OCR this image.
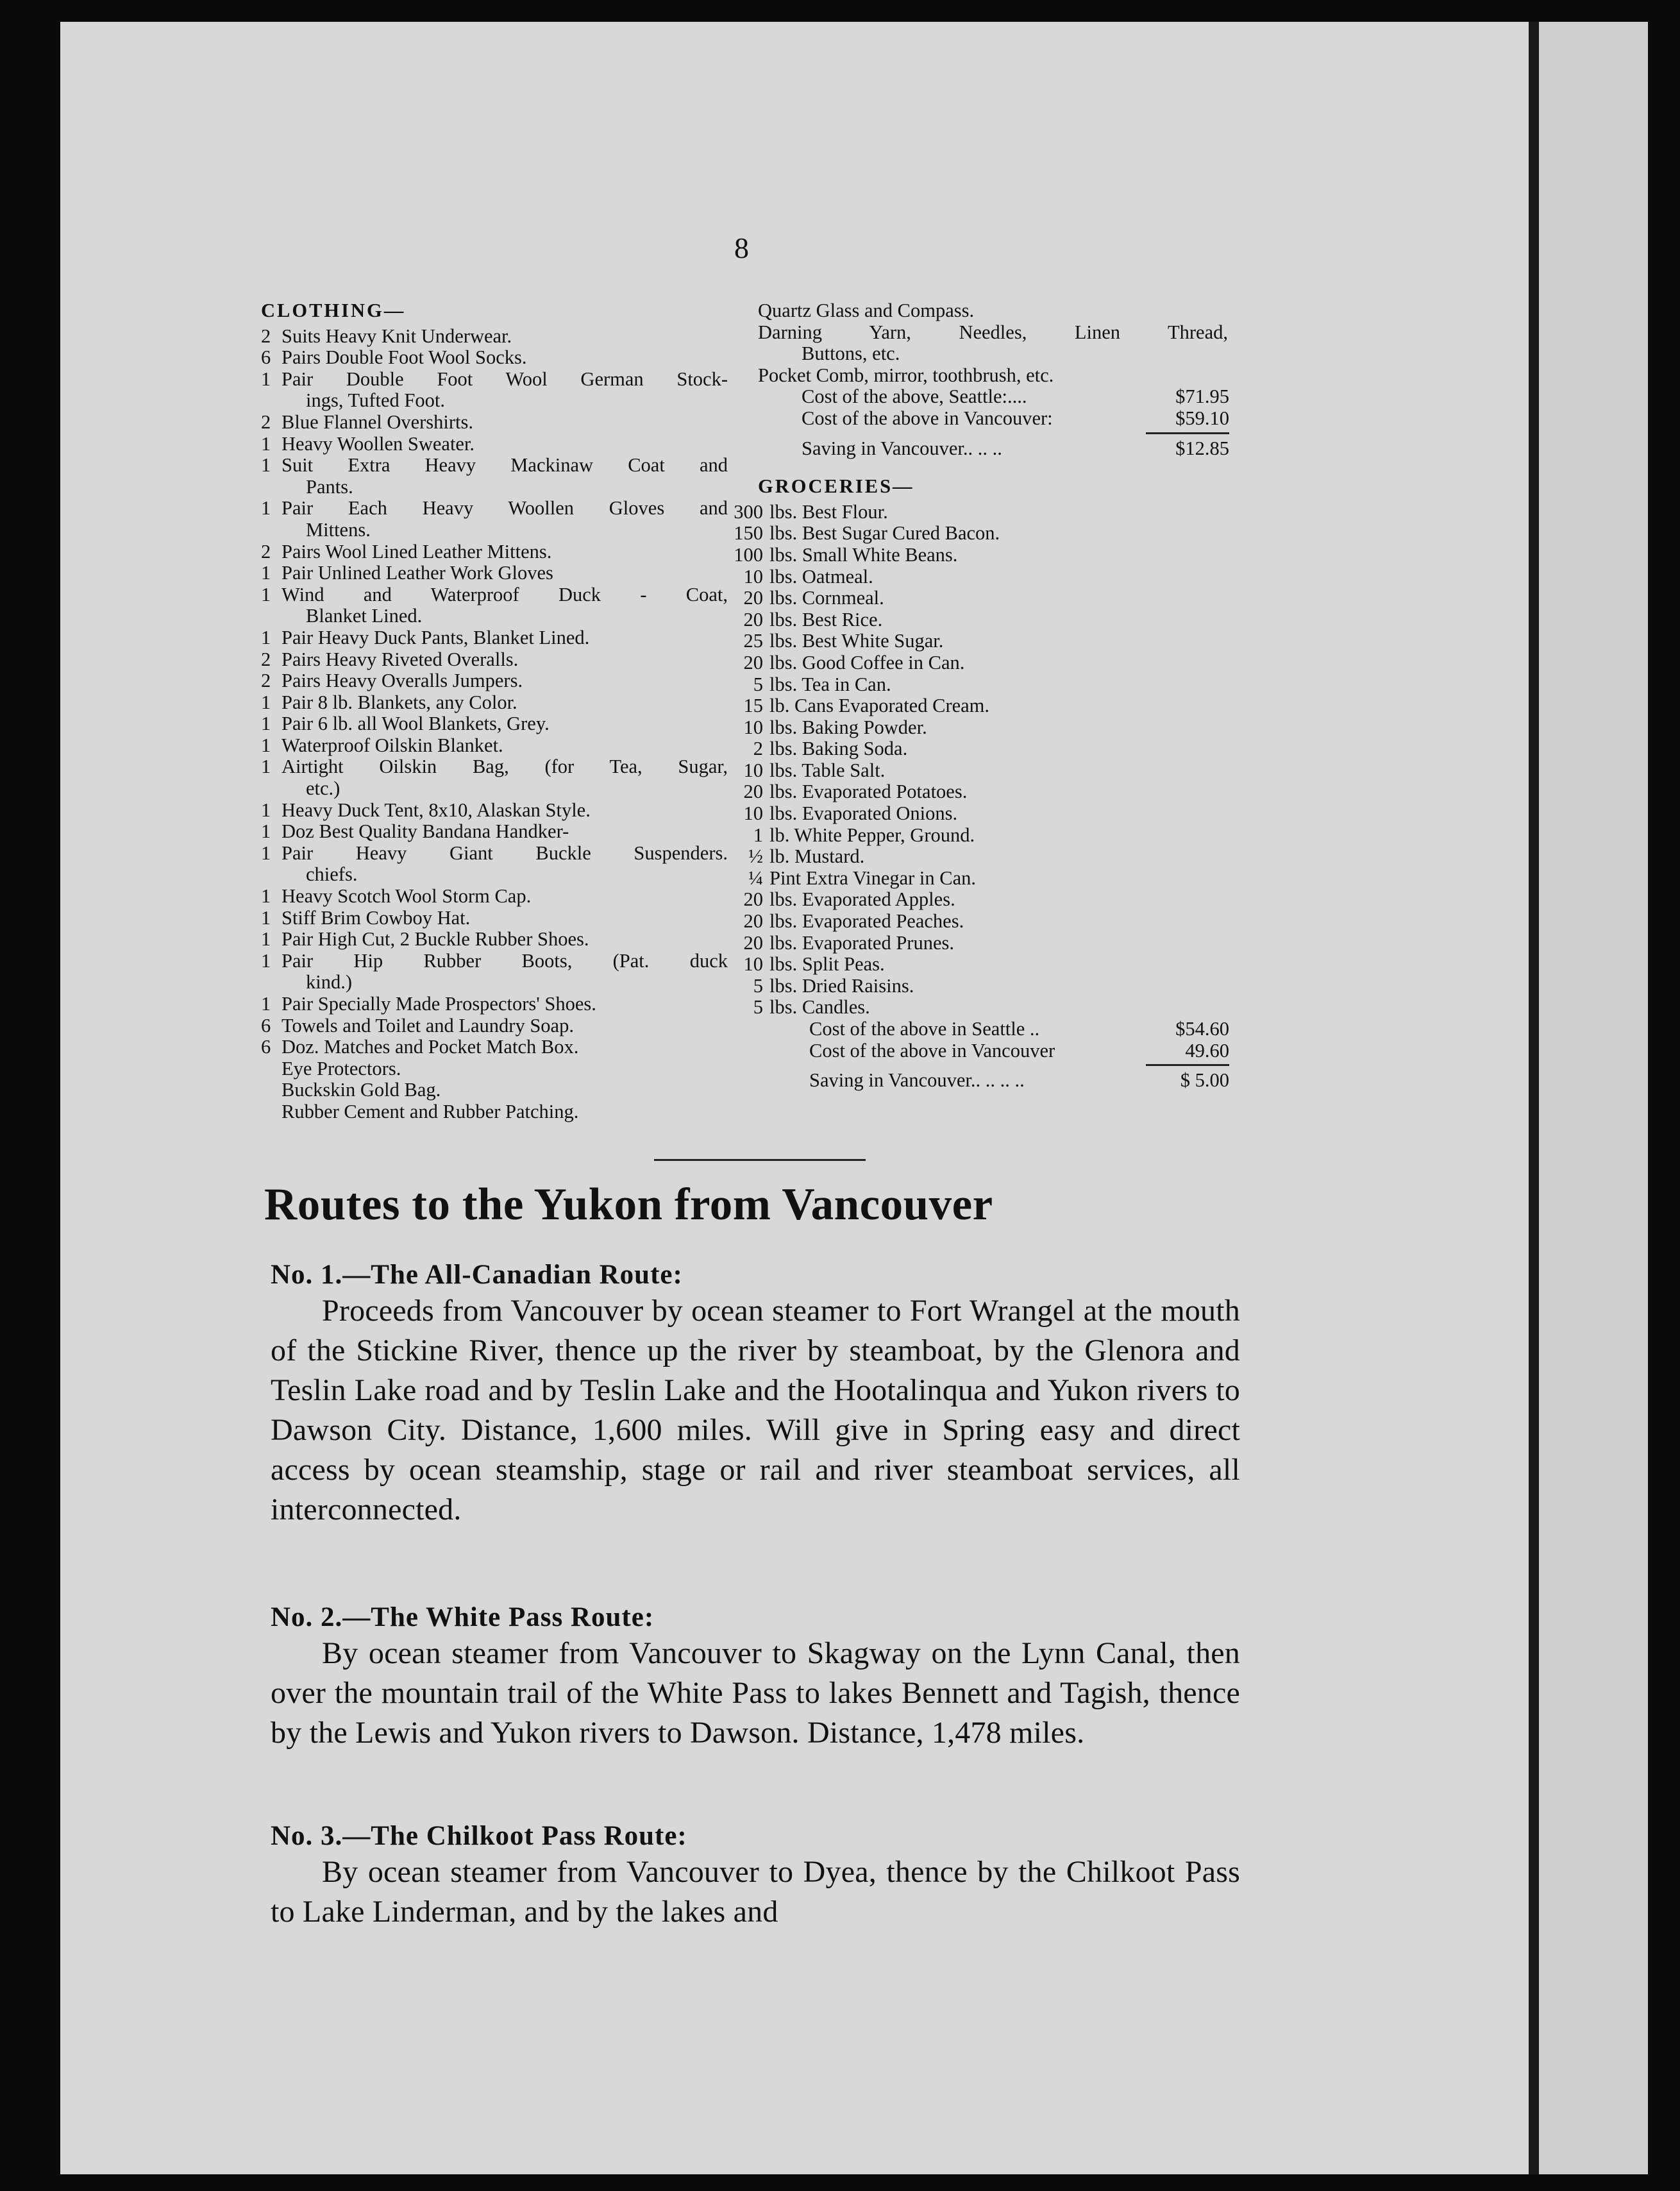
8
CLOTHING—
2 Suits Heavy Knit Underwear.
6 Pairs Double Foot Wool Socks.
1 Pair Double Foot Wool German Stock-
ings, Tufted Foot.
2 Blue Flannel Overshirts.
1 Heavy Woollen Sweater.
1 Suit Extra Heavy Mackinaw Coat and
Pants.
1 Pair Each Heavy Woollen Gloves and
Mittens.
2 Pairs Wool Lined Leather Mittens.
1 Pair Unlined Leather Work Gloves
1 Wind and Waterproof Duck - Coat,
Blanket Lined.
1 Pair Heavy Duck Pants, Blanket Lined.
2 Pairs Heavy Riveted Overalls.
2 Pairs Heavy Overalls Jumpers.
1 Pair 8 lb. Blankets, any Color.
1 Pair 6 lb. all Wool Blankets, Grey.
1 Waterproof Oilskin Blanket.
1 Airtight Oilskin Bag, (for Tea, Sugar,
etc.)
1 Heavy Duck Tent, 8x10, Alaskan Style.
1 Doz Best Quality Bandana Handker-
1 Pair Heavy Giant Buckle Suspenders.
chiefs.
1 Heavy Scotch Wool Storm Cap.
1 Stiff Brim Cowboy Hat.
1 Pair High Cut, 2 Buckle Rubber Shoes.
1 Pair Hip Rubber Boots, (Pat. duck
kind.)
1 Pair Specially Made Prospectors' Shoes.
6 Towels and Toilet and Laundry Soap.
6 Doz. Matches and Pocket Match Box.
Eye Protectors.
Buckskin Gold Bag.
Rubber Cement and Rubber Patching.
Quartz Glass and Compass.
Darning Yarn, Needles, Linen Thread,
Buttons, etc.
Pocket Comb, mirror, toothbrush, etc.
Cost of the above, Seattle:....	$71.95
Cost of the above in Vancouver:	$59.10
Saving in Vancouver.. .. ..	$12.85
GROCERIES—
300 lbs. Best Flour.
150 lbs. Best Sugar Cured Bacon.
100 lbs. Small White Beans.
10 lbs. Oatmeal.
20 lbs. Cornmeal.
20 lbs. Best Rice.
25 lbs. Best White Sugar.
20 lbs. Good Coffee in Can.
5 lbs. Tea in Can.
15 lb. Cans Evaporated Cream.
10 lbs. Baking Powder.
2 lbs. Baking Soda.
10 lbs. Table Salt.
20 lbs. Evaporated Potatoes.
10 lbs. Evaporated Onions.
1 lb. White Pepper, Ground.
½ lb. Mustard.
¼ Pint Extra Vinegar in Can.
20 lbs. Evaporated Apples.
20 lbs. Evaporated Peaches.
20 lbs. Evaporated Prunes.
10 lbs. Split Peas.
5 lbs. Dried Raisins.
5 lbs. Candles.
Cost of the above in Seattle ..	$54.60
Cost of the above in Vancouver	49.60
Saving in Vancouver.. .. .. ..	$ 5.00
Routes to the Yukon from Vancouver
No. 1.—The All-Canadian Route:
Proceeds from Vancouver by ocean steamer to Fort Wrangel at the mouth of the Stickine River, thence up the river by steamboat, by the Glenora and Teslin Lake road and by Teslin Lake and the Hootalinqua and Yukon rivers to Dawson City. Distance, 1,600 miles. Will give in Spring easy and direct access by ocean steamship, stage or rail and river steamboat services, all interconnected.
No. 2.—The White Pass Route:
By ocean steamer from Vancouver to Skagway on the Lynn Canal, then over the mountain trail of the White Pass to lakes Bennett and Tagish, thence by the Lewis and Yukon rivers to Dawson. Distance, 1,478 miles.
No. 3.—The Chilkoot Pass Route:
By ocean steamer from Vancouver to Dyea, thence by the Chilkoot Pass to Lake Linderman, and by the lakes and
